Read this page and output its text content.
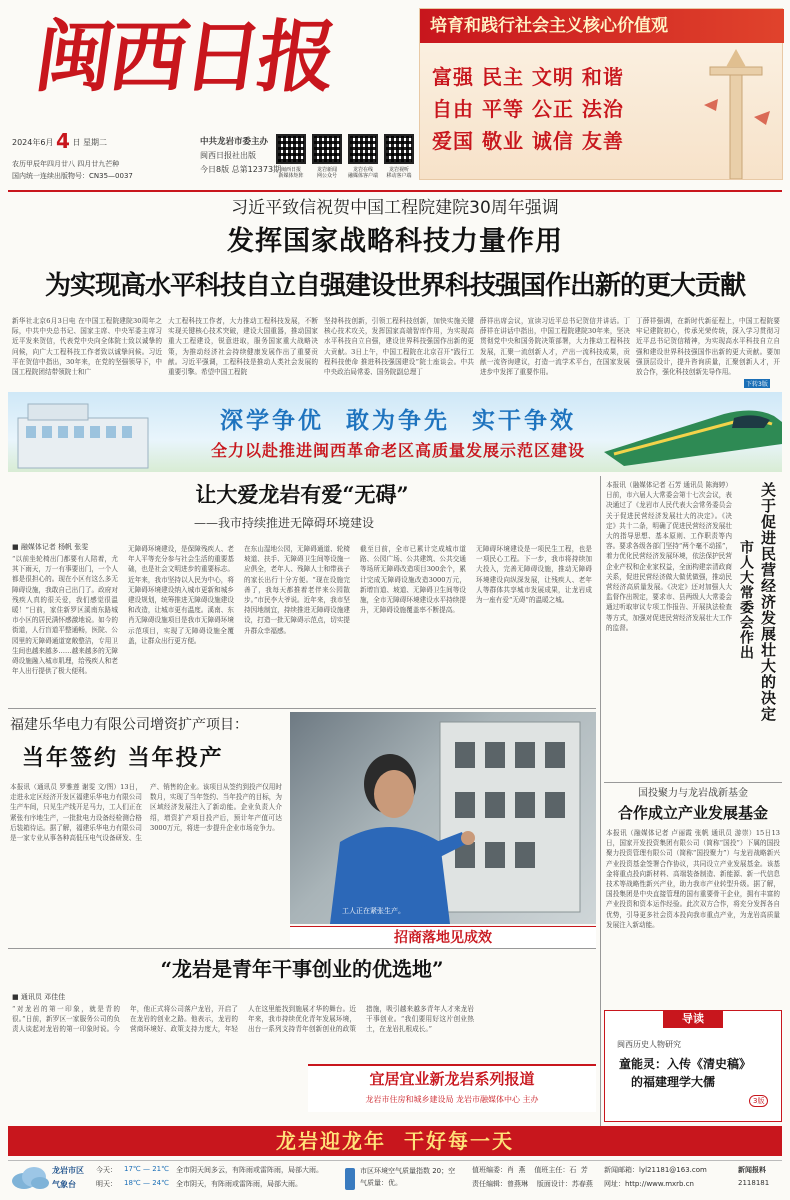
闽西日报
2024年6月 4 日 星期二
农历甲辰年四月廿八 四月廿九芒种
国内统一连续出版物号：CN35—0037
中共龙岩市委主办
闽西日报社出版
今日8版 总第12373期 闽西日报
新媒体矩阵
龙岩新闻
网公众号
龙岩在线
融媒体客户端
龙岩视听
移动客户端
培育和践行社会主义核心价值观
富强 民主 文明 和谐
自由 平等 公正 法治
爱国 敬业 诚信 友善
习近平致信祝贺中国工程院建院30周年强调
发挥国家战略科技力量作用
为实现高水平科技自立自强建设世界科技强国作出新的更大贡献
新华社北京6月3日电 在中国工程院建院30周年之际，中共中央总书记、国家主席、中央军委主席习近平发来贺信，代表党中央向全体院士致以诚挚的问候，向广大工程科技工作者致以诚挚问候。习近平在贺信中指出，30年来，在党的坚强领导下，中国工程院团结带领院士和广
大工程科技工作者，大力推动工程科技发展，不断实现关键核心技术突破，建设大国重器，推动国家重大工程建设，锐意进取，服务国家重大战略决策，为推动经济社会持续健康发展作出了重要贡献。习近平强调，工程科技是推动人类社会发展的重要引擎。希望中国工程院
坚持科技创新，引领工程科技创新，加快实施关键核心技术攻关，发挥国家高端智库作用，为实现高水平科技自立自强，建设世界科技强国作出新的更大贡献。3日上午，中国工程院在北京召开“践行工程科技使命 推进科技强国建设”院士座谈会。中共中央政治局常委、国务院副总理丁
薛祥出席会议，宣读习近平总书记贺信并讲话。丁薛祥在讲话中指出，中国工程院建院30年来，坚决贯彻党中央和国务院决策部署，大力推动工程科技发展，汇聚一流创新人才，产出一流科技成果，贡献一流咨询建议，打造一流学术平台，在国家发展进步中发挥了重要作用。
丁薛祥强调，在新时代新征程上，中国工程院要牢记建院初心，传承光荣传统，深入学习贯彻习近平总书记贺信精神，为实现高水平科技自立自强和建设世界科技强国作出新的更大贡献。要加强顶层设计，提升咨询质量，汇聚创新人才，开放合作，强化科技创新先导作用。
下转3版
深学争优  敢为争先  实干争效
全力以赴推进闽西革命老区高质量发展示范区建设
让大爱龙岩有爱“无碍”
——我市持续推进无障碍环境建设
■ 融媒体记者 杨帆 张雯
“以前坐轮椅出门都要有人陪着，尤其下雨天，万一有事要出门，一个人都是很担心的。现在小区有这么多无障碍设施，我敢自己出门了。政府对残疾人真的很关爱，我们感觉很温暖！”日前，家住新罗区溪南东路城市小区的居民满怀感激地说。如今的街道，人行盲道平整通畅，医院、公园里的无障碍通道宽敞整洁，专用卫生间也越来越多……越来越多的无障碍设施融入城市肌理，给残疾人和老年人出行提供了极大便利。
无障碍环境建设，是保障残疾人、老年人平等充分参与社会生活的重要基础，也是社会文明进步的重要标志。近年来，我市坚持以人民为中心，将无障碍环境建设纳入城市更新和城乡建设规划，统筹推进无障碍设施建设和改造，让城市更有温度。溪南、东肖无障碍设施项目是我市无障碍环境示范项目，实现了无障碍设施全覆盖，让群众出行更方便。
在东山湿地公园，无障碍通道、轮椅坡道、扶手、无障碍卫生间等设施一应俱全，老年人、残障人士和带孩子的家长出行十分方便。“现在设施完善了，我每天都推着老伴来公园散步。”市民李大爷说。近年来，我市坚持因地制宜，持续推进无障碍设施建设，打造一批无障碍示范点，切实提升群众幸福感。
截至目前，全市已累计完成城市道路、公园广场、公共建筑、公共交通等场所无障碍改造项目300余个，累计完成无障碍设施改造3000万元，新增盲道、坡道、无障碍卫生间等设施，全市无障碍环境建设水平持续提升，无障碍设施覆盖率不断提高。
无障碍环境建设是一项民生工程，也是一项民心工程。下一步，我市将持续加大投入，完善无障碍设施，推动无障碍环境建设向纵深发展，让残疾人、老年人等群体共享城市发展成果，让龙岩成为一座有爱“无碍”的温暖之城。
福建乐华电力有限公司增资扩产项目：
当年签约 当年投产
本报讯（通讯员 罗雅莲 谢雯 文/图）13日，走进永定区经济开发区福建乐华电力有限公司生产车间，只见生产线开足马力，工人们正在紧张有序地生产，一批批电力设备经检测合格后装箱待运。据了解，福建乐华电力有限公司是一家专业从事各种高低压电气设备研发、生产、销售的企业。该项目从签约到投产仅用时数月，实现了当年签约、当年投产的目标，为区域经济发展注入了新动能。企业负责人介绍，增资扩产项目投产后，预计年产值可达3000万元，将进一步提升企业市场竞争力。
工人正在紧张生产。
招商落地见成效
“龙岩是青年干事创业的优选地”
■ 通讯员 邓佳佳
“对龙岩的第一印象，就是青的很。”日前，新罗区一家服务公司的负责人谈起对龙岩的第一印象时说。今年，他正式将公司落户龙岩，开启了在龙岩的创业之路。他表示，龙岩的营商环境好、政策支持力度大，年轻人在这里能找到施展才华的舞台。近年来，我市持续优化青年发展环境，出台一系列支持青年创新创业的政策措施，吸引越来越多青年人才来龙岩干事创业。“我们要用好这片创业热土，在龙岩扎根成长。”
宜居宜业新龙岩系列报道
龙岩市住房和城乡建设局 龙岩市融媒体中心 主办
本报讯（融媒体记者 石芳 通讯员 陈海婷）日前，市六届人大常委会第十七次会议，表决通过了《龙岩市人民代表大会常务委员会关于促进民营经济发展壮大的决定》。《决定》共十二条，明确了促进民营经济发展壮大的指导思想、基本原则、工作职责等内容。要求各级各部门坚持“两个毫不动摇”，着力优化民营经济发展环境，依法保护民营企业产权和企业家权益，全面构建亲清政商关系，促进民营经济做大做优做强，推动民营经济高质量发展。《决定》还对加强人大监督作出规定，要求市、县两级人大常委会通过听取审议专项工作报告、开展执法检查等方式，加强对促进民营经济发展壮大工作的监督。	关于促进民营经济发展壮大的决定
市人大常委会作出
国投聚力与龙岩战新基金
合作成立产业发展基金
本报讯（融媒体记者 卢丽霞 张帆 通讯员 游崇）15日13日，国家开发投资集团有限公司（简称“国投”）下属的国投聚力投资管理有限公司（简称“国投聚力”）与龙岩战略新兴产业投资基金签署合作协议，共同设立产业发展基金。该基金将重点投向新材料、高端装备制造、新能源、新一代信息技术等战略性新兴产业，助力我市产业转型升级。据了解，国投集团是中央直接管理的国有重要骨干企业，拥有丰富的产业投资和资本运作经验。此次双方合作，将充分发挥各自优势，引导更多社会资本投向我市重点产业，为龙岩高质量发展注入新动能。
导读
闽西历史人物研究
童能灵：入传《清史稿》
的福建理学大儒
3版
龙岩迎龙年  干好每一天
龙岩市区
气象台
今天： 17℃ — 21℃ 全市阴天间多云，有阵雨或雷阵雨，局部大雨。
明天： 18℃ — 24℃ 全市阴天，有阵雨或雷阵雨，局部大雨。
市区环境空气质量指数 20；空气质量：优。
值班编委：肖  燕    值班主任：石  芳
责任编辑：曾燕琳    版面设计：苏春燕
新闻邮箱：lyl21181@163.com
网址：http://www.mxrb.cn
新闻报料
2118181
